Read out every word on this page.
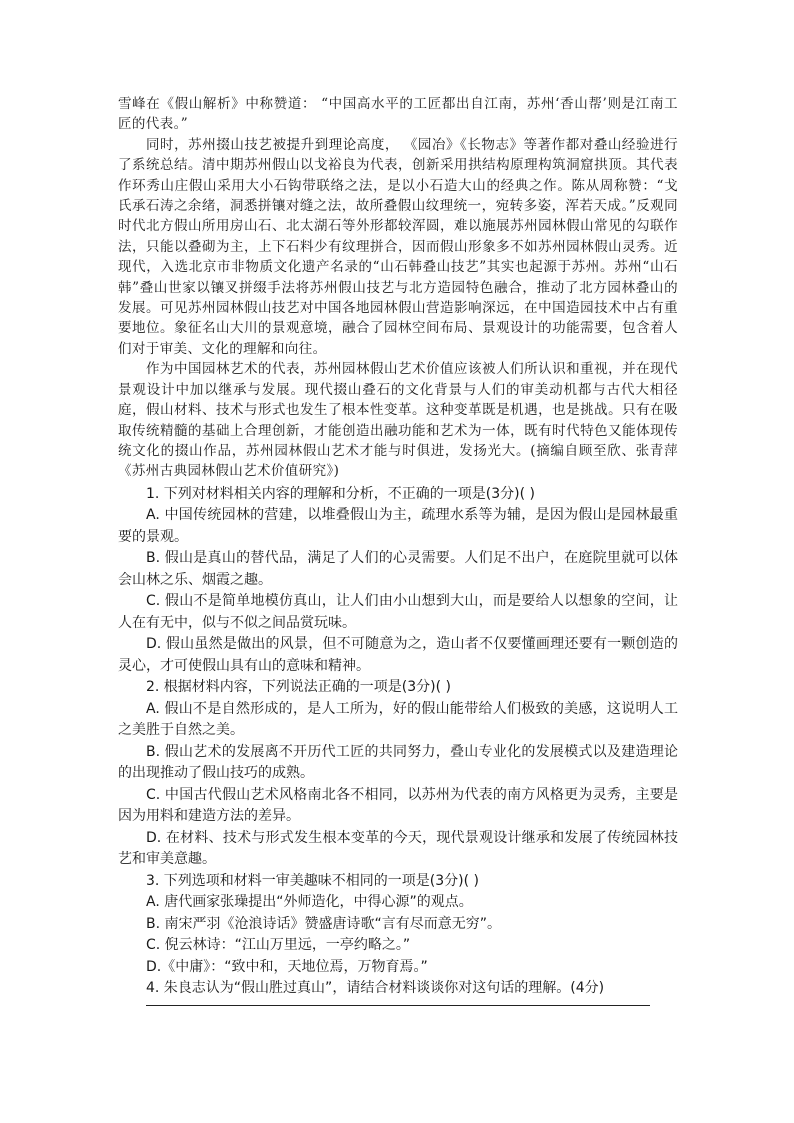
雪峰在《假山解析》中称赞道： “中国高水平的工匠都出自江南，苏州‘香山帮’则是江南工匠的代表。”

同时，苏州掇山技艺被提升到理论高度， 《园冶》《长物志》等著作都对叠山经验进行了系统总结。清中期苏州假山以戈裕良为代表，创新采用拱结构原理构筑洞窟拱顶。其代表作环秀山庄假山采用大小石钩带联络之法，是以小石造大山的经典之作。陈从周称赞：“戈氏承石涛之余绪，洞悉拼镶对缝之法，故所叠假山纹理统一，宛转多姿，浑若天成。”反观同时代北方假山所用房山石、北太湖石等外形都较浑圆，难以施展苏州园林假山常见的勾联作法，只能以叠砌为主，上下石料少有纹理拼合，因而假山形象多不如苏州园林假山灵秀。近现代，入选北京市非物质文化遗产名录的“山石韩叠山技艺”其实也起源于苏州。苏州“山石韩”叠山世家以镶叉拼缀手法将苏州假山技艺与北方造园特色融合，推动了北方园林叠山的发展。可见苏州园林假山技艺对中国各地园林假山营造影响深远，在中国造园技术中占有重要地位。象征名山大川的景观意境，融合了园林空间布局、景观设计的功能需要，包含着人们对于审美、文化的理解和向往。

作为中国园林艺术的代表，苏州园林假山艺术价值应该被人们所认识和重视，并在现代景观设计中加以继承与发展。现代掇山叠石的文化背景与人们的审美动机都与古代大相径庭，假山材料、技术与形式也发生了根本性变革。这种变革既是机遇，也是挑战。只有在吸取传统精髓的基础上合理创新，才能创造出融功能和艺术为一体，既有时代特色又能体现传统文化的掇山作品，苏州园林假山艺术才能与时俱进，发扬光大。(摘编自顾至欣、张青萍《苏州古典园林假山艺术价值研究》)

1. 下列对材料相关内容的理解和分析，不正确的一项是(3分)( )

A. 中国传统园林的营建，以堆叠假山为主，疏理水系等为辅，是因为假山是园林最重要的景观。

B. 假山是真山的替代品，满足了人们的心灵需要。人们足不出户，在庭院里就可以体会山林之乐、烟霞之趣。

C. 假山不是简单地模仿真山，让人们由小山想到大山，而是要给人以想象的空间，让人在有无中，似与不似之间品赏玩味。

D. 假山虽然是做出的风景，但不可随意为之，造山者不仅要懂画理还要有一颗创造的灵心，才可使假山具有山的意味和精神。

2. 根据材料内容，下列说法正确的一项是(3分)( )

A. 假山不是自然形成的，是人工所为，好的假山能带给人们极致的美感，这说明人工之美胜于自然之美。

B. 假山艺术的发展离不开历代工匠的共同努力，叠山专业化的发展模式以及建造理论的出现推动了假山技巧的成熟。

C. 中国古代假山艺术风格南北各不相同，以苏州为代表的南方风格更为灵秀，主要是因为用料和建造方法的差异。

D. 在材料、技术与形式发生根本变革的今天，现代景观设计继承和发展了传统园林技艺和审美意趣。

3. 下列选项和材料一审美趣味不相同的一项是(3分)( )

A. 唐代画家张璪提出“外师造化，中得心源”的观点。

B. 南宋严羽《沧浪诗话》赞盛唐诗歌“言有尽而意无穷”。

C. 倪云林诗：“江山万里远，一亭约略之。”

D.《中庸》：“致中和，天地位焉，万物育焉。”

4. 朱良志认为“假山胜过真山”，请结合材料谈谈你对这句话的理解。(4分)
